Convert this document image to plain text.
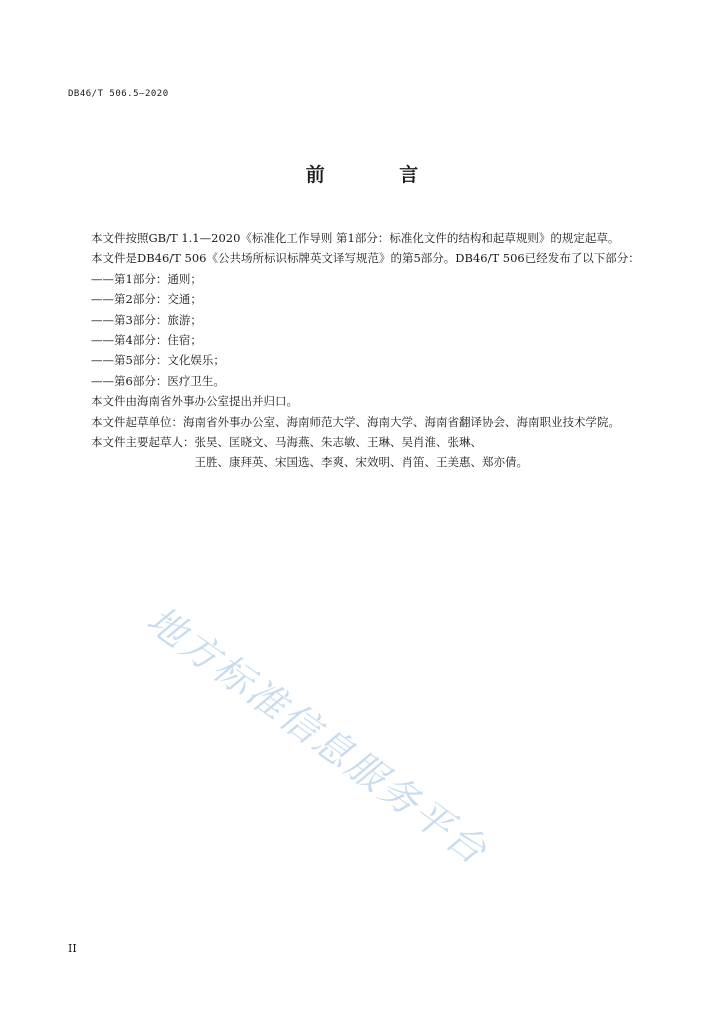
DB46/T 506.5—2020
前 言

本文件按照GB/T 1.1—2020《标准化工作导则 第1部分：标准化文件的结构和起草规则》的规定起草。

本文件是DB46/T 506《公共场所标识标牌英文译写规范》的第5部分。DB46/T 506已经发布了以下部分：

——第1部分：通则；

——第2部分：交通；

——第3部分：旅游；

——第4部分：住宿；

——第5部分：文化娱乐；

——第6部分：医疗卫生。

本文件由海南省外事办公室提出并归口。

本文件起草单位：海南省外事办公室、海南师范大学、海南大学、海南省翻译协会、海南职业技术学院。

本文件主要起草人： 张昊、匡晓文、马海燕、朱志敏、王琳、吴肖淮、张琳、
王胜、康拜英、宋国选、李爽、宋效明、肖笛、王美惠、郑亦倩。
地方标准信息服务平台
II
